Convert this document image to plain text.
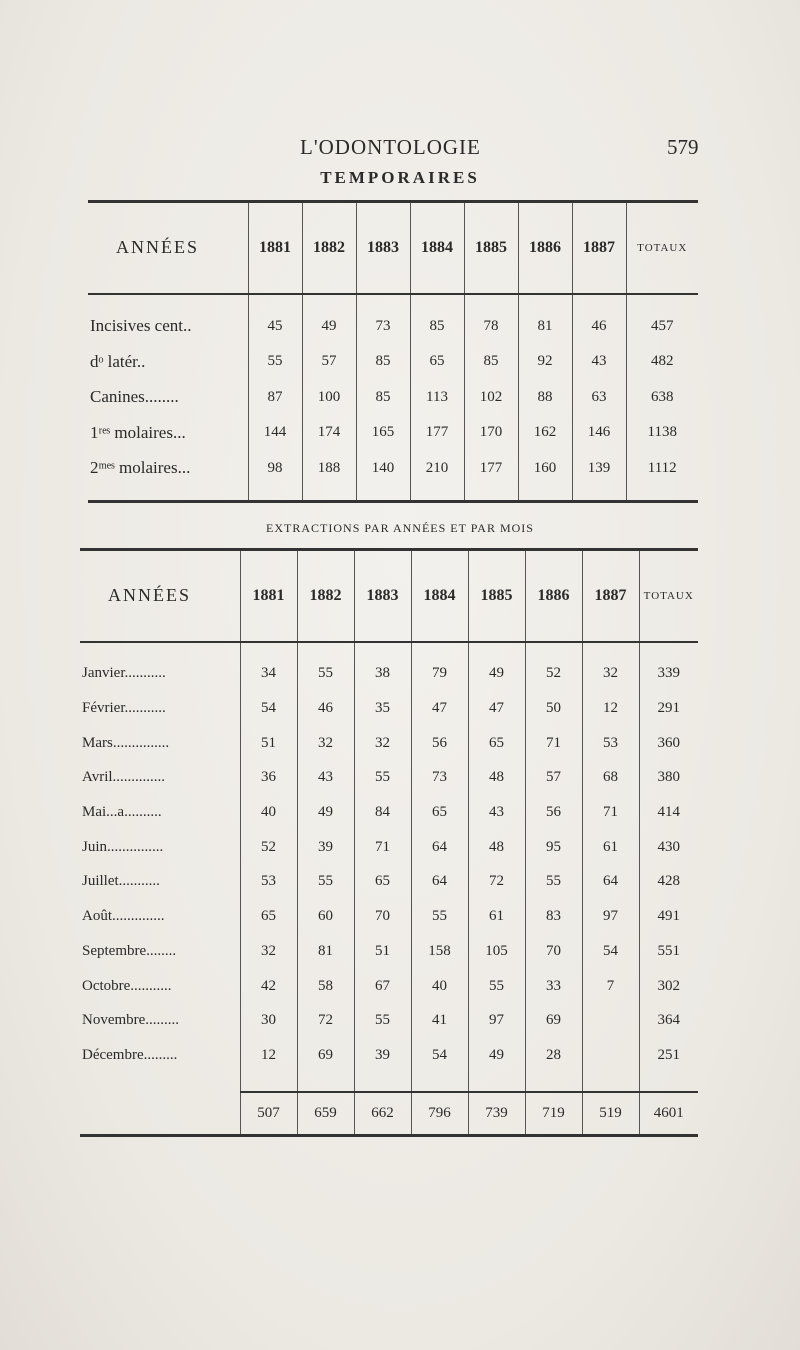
L'ODONTOLOGIE	579
TEMPORAIRES
ANNÉES	1881	1882	1883	1884	1885	1886	1887	TOTAUX

Incisives cent..	45	49	73	85	78	81	46	457
dᵒ latér..	55	57	85	65	85	92	43	482
Canines........	87	100	85	113	102	88	63	638
1ʳᵉˢ molaires...	144	174	165	177	170	162	146	1138
2ᵐᵉˢ molaires...	98	188	140	210	177	160	139	1112

EXTRACTIONS PAR ANNÉES ET PAR MOIS
ANNÉES	1881	1882	1883	1884	1885	1886	1887	TOTAUX

Janvier...........	34	55	38	79	49	52	32	339
Février...........	54	46	35	47	47	50	12	291
Mars...............	51	32	32	56	65	71	53	360
Avril..............	36	43	55	73	48	57	68	380
Mai...a..........	40	49	84	65	43	56	71	414
Juin...............	52	39	71	64	48	95	61	430
Juillet...........	53	55	65	64	72	55	64	428
Août..............	65	60	70	55	61	83	97	491
Septembre........	32	81	51	158	105	70	54	551
Octobre...........	42	58	67	40	55	33	7	302
Novembre.........	30	72	55	41	97	69		364
Décembre.........	12	69	39	54	49	28		251

	507	659	662	796	739	719	519	4601
